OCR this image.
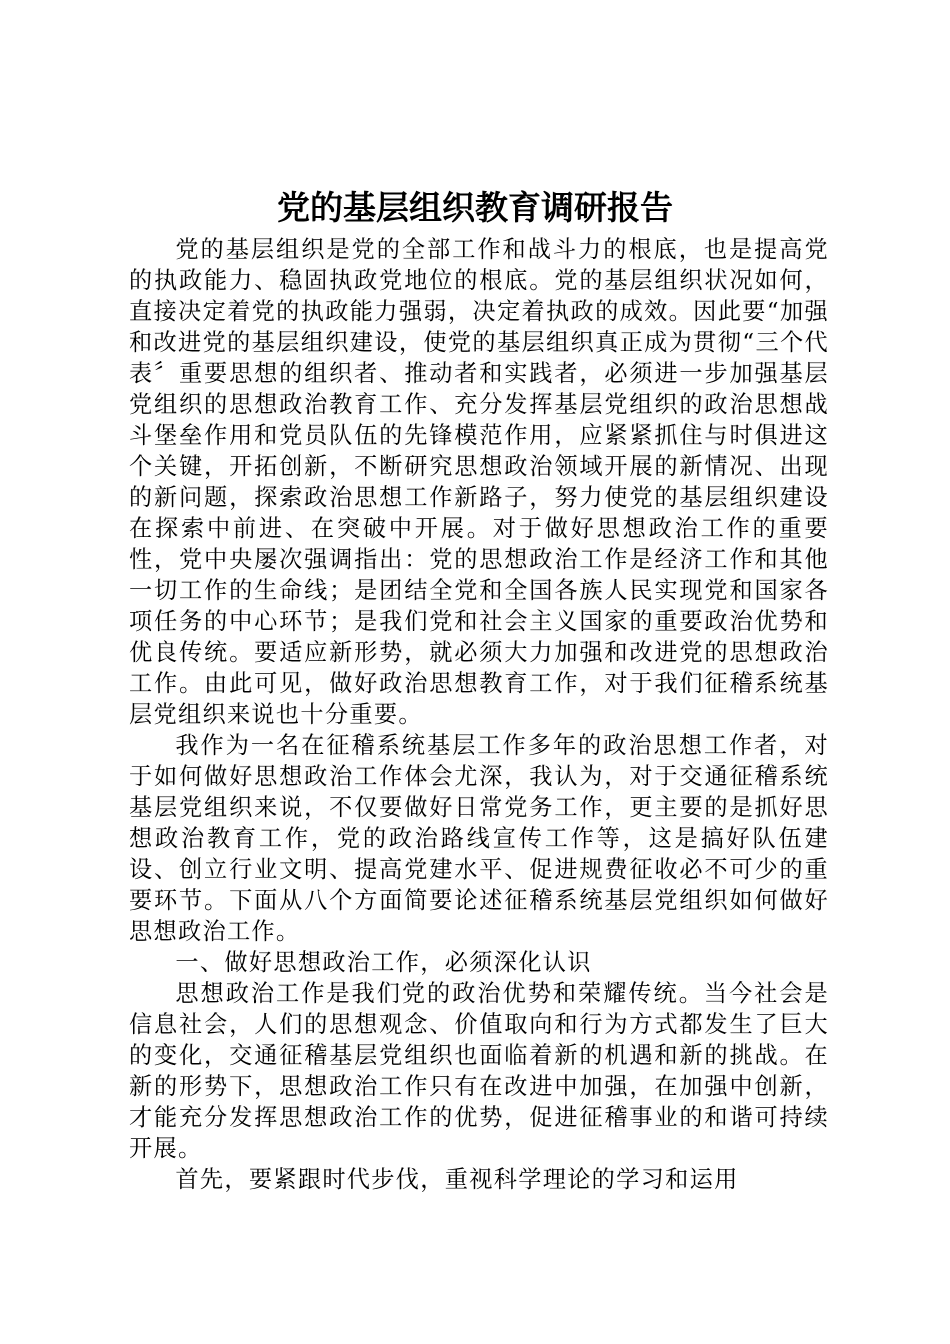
党的基层组织教育调研报告

党的基层组织是党的全部工作和战斗力的根底，也是提高党的执政能力、稳固执政党地位的根底。党的基层组织状况如何，直接决定着党的执政能力强弱，决定着执政的成效。因此要“加强和改进党的基层组织建设，使党的基层组织真正成为贯彻“三个代表〞重要思想的组织者、推动者和实践者，必须进一步加强基层党组织的思想政治教育工作、充分发挥基层党组织的政治思想战斗堡垒作用和党员队伍的先锋模范作用，应紧紧抓住与时俱进这个关键，开拓创新，不断研究思想政治领域开展的新情况、出现的新问题，探索政治思想工作新路子，努力使党的基层组织建设在探索中前进、在突破中开展。对于做好思想政治工作的重要性，党中央屡次强调指出：党的思想政治工作是经济工作和其他一切工作的生命线；是团结全党和全国各族人民实现党和国家各项任务的中心环节；是我们党和社会主义国家的重要政治优势和优良传统。要适应新形势，就必须大力加强和改进党的思想政治工作。由此可见，做好政治思想教育工作，对于我们征稽系统基层党组织来说也十分重要。

我作为一名在征稽系统基层工作多年的政治思想工作者，对于如何做好思想政治工作体会尤深，我认为，对于交通征稽系统基层党组织来说，不仅要做好日常党务工作，更主要的是抓好思想政治教育工作，党的政治路线宣传工作等，这是搞好队伍建设、创立行业文明、提高党建水平、促进规费征收必不可少的重要环节。下面从八个方面简要论述征稽系统基层党组织如何做好思想政治工作。

一、做好思想政治工作，必须深化认识

思想政治工作是我们党的政治优势和荣耀传统。当今社会是信息社会，人们的思想观念、价值取向和行为方式都发生了巨大的变化，交通征稽基层党组织也面临着新的机遇和新的挑战。在新的形势下，思想政治工作只有在改进中加强，在加强中创新，才能充分发挥思想政治工作的优势，促进征稽事业的和谐可持续开展。

首先，要紧跟时代步伐，重视科学理论的学习和运用
